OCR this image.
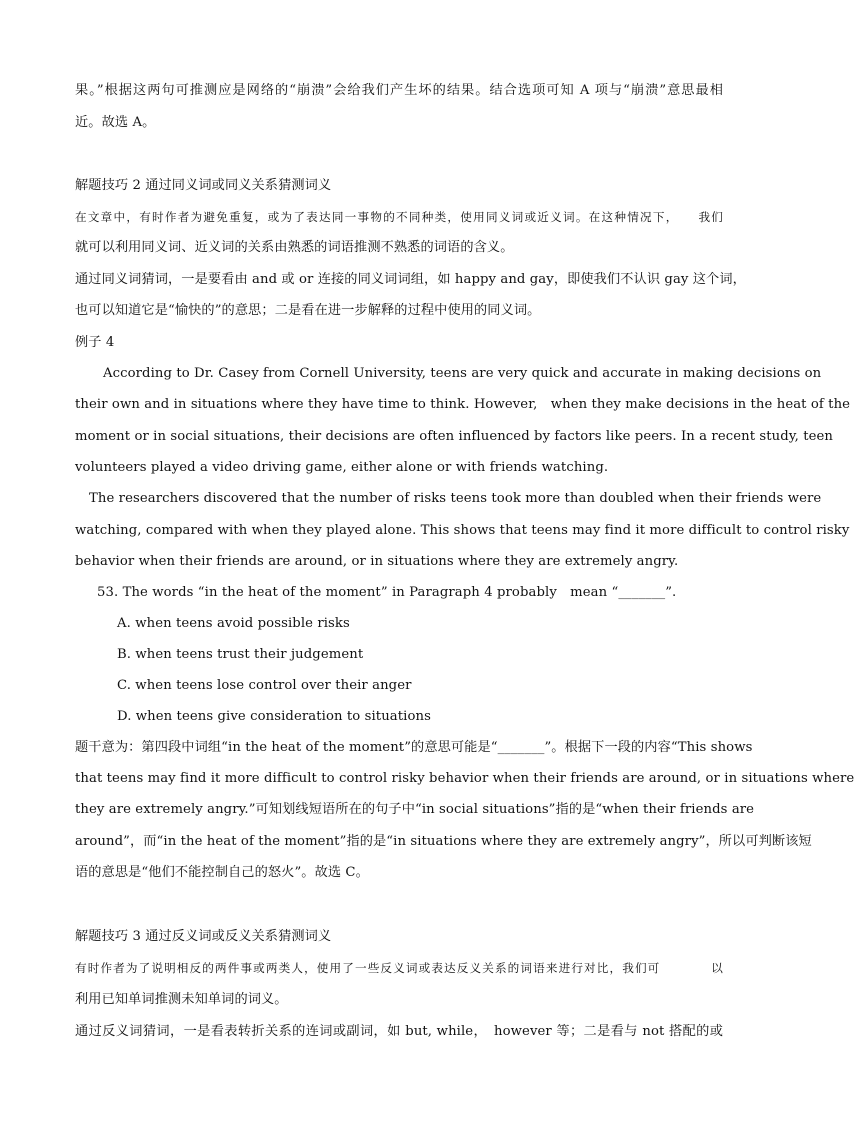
果。”根据这两句可推测应是网络的“崩溃”会给我们产生坏的结果。结合选项可知 A 项与“崩溃”意思最相
近。故选 A。
解题技巧 2 通过同义词或同义关系猜测词义
在文章中，有时作者为避免重复，或为了表达同一事物的不同种类，使用同义词或近义词。在这种情况下，　　我们
就可以利用同义词、近义词的关系由熟悉的词语推测不熟悉的词语的含义。
通过同义词猜词，一是要看由 and 或 or 连接的同义词词组，如 happy and gay，即使我们不认识 gay 这个词，
也可以知道它是“愉快的”的意思；二是看在进一步解释的过程中使用的同义词。
例子 4
According to Dr. Casey from Cornell University, teens are very quick and accurate in making decisions on
their own and in situations where they have time to think. However,　when they make decisions in the heat of the
moment or in social situations, their decisions are often influenced by factors like peers. In a recent study, teen
volunteers played a video driving game, either alone or with friends watching.
The researchers discovered that the number of risks teens took more than doubled when their friends were
watching, compared with when they played alone. This shows that teens may find it more difficult to control risky
behavior when their friends are around, or in situations where they are extremely angry.
53. The words “in the heat of the moment” in Paragraph 4 probably　mean “_______”.
A. when teens avoid possible risks
B. when teens trust their judgement
C. when teens lose control over their anger
D. when teens give consideration to situations
题干意为：第四段中词组“in the heat of the moment”的意思可能是“_______”。根据下一段的内容“This shows
that teens may find it more difficult to control risky behavior when their friends are around, or in situations where
they are extremely angry.”可知划线短语所在的句子中“in social situations”指的是“when their friends are
around”，而“in the heat of the moment”指的是“in situations where they are extremely angry”，所以可判断该短
语的意思是“他们不能控制自己的怒火”。故选 C。
解题技巧 3 通过反义词或反义关系猜测词义
有时作者为了说明相反的两件事或两类人，使用了一些反义词或表达反义关系的词语来进行对比，我们可　　　　以
利用已知单词推测未知单词的词义。
通过反义词猜词，一是看表转折关系的连词或副词，如 but, while，　however 等；二是看与 not 搭配的或
